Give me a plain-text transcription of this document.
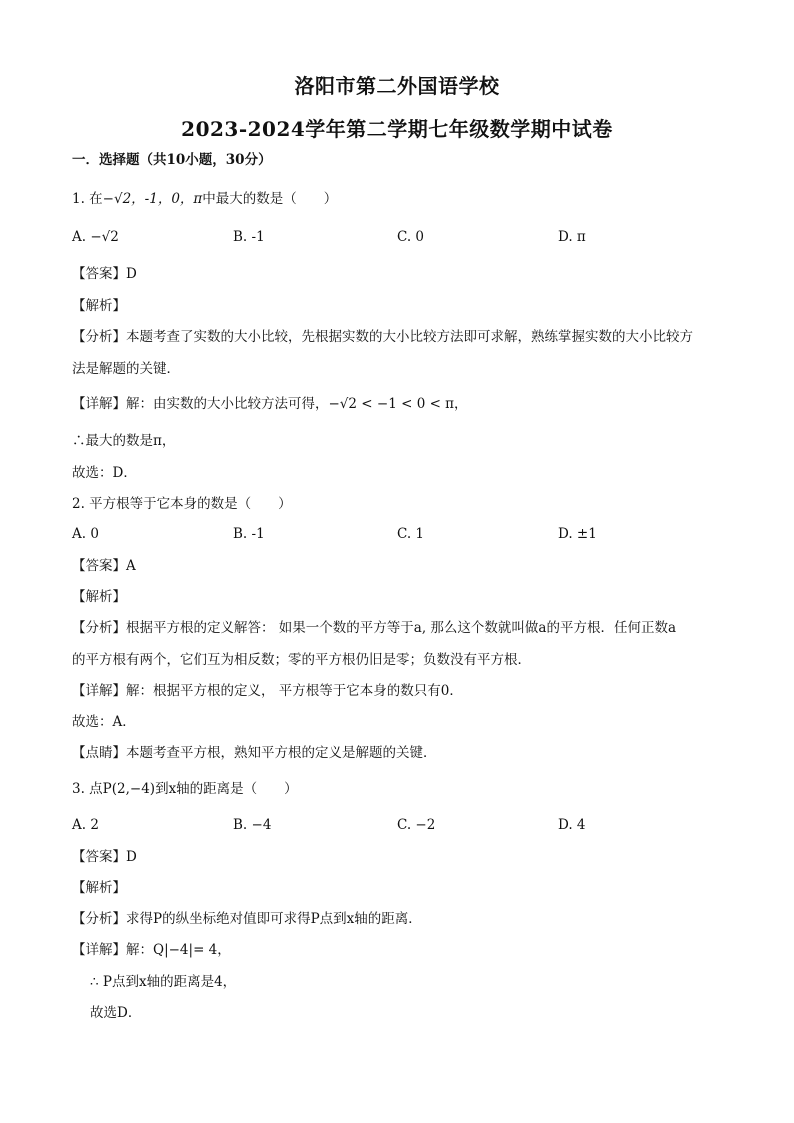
洛阳市第二外国语学校
2023-2024学年第二学期七年级数学期中试卷
一．选择题（共10小题，30分）
1. 在−√2，-1，0，π中最大的数是（　　）
A. −√2	B. -1	C. 0	D. π
【答案】D
【解析】
【分析】本题考查了实数的大小比较，先根据实数的大小比较方法即可求解，熟练掌握实数的大小比较方
法是解题的关键．
【详解】解：由实数的大小比较方法可得，−√2 < −1 < 0 < π，
∴最大的数是π，
故选：D．
2. 平方根等于它本身的数是（　　）
A. 0	B. -1	C. 1	D. ±1
【答案】A
【解析】
【分析】根据平方根的定义解答： 如果一个数的平方等于a, 那么这个数就叫做a的平方根．任何正数a
的平方根有两个，它们互为相反数；零的平方根仍旧是零；负数没有平方根．
【详解】解：根据平方根的定义， 平方根等于它本身的数只有0．
故选：A．
【点睛】本题考查平方根，熟知平方根的定义是解题的关键．
3. 点P(2,−4)到x轴的距离是（　　）
A. 2	B. −4	C. −2	D. 4
【答案】D
【解析】
【分析】求得P的纵坐标绝对值即可求得P点到x轴的距离．
【详解】解：Q|−4|= 4，
∴ P点到x轴的距离是4，
故选D．
